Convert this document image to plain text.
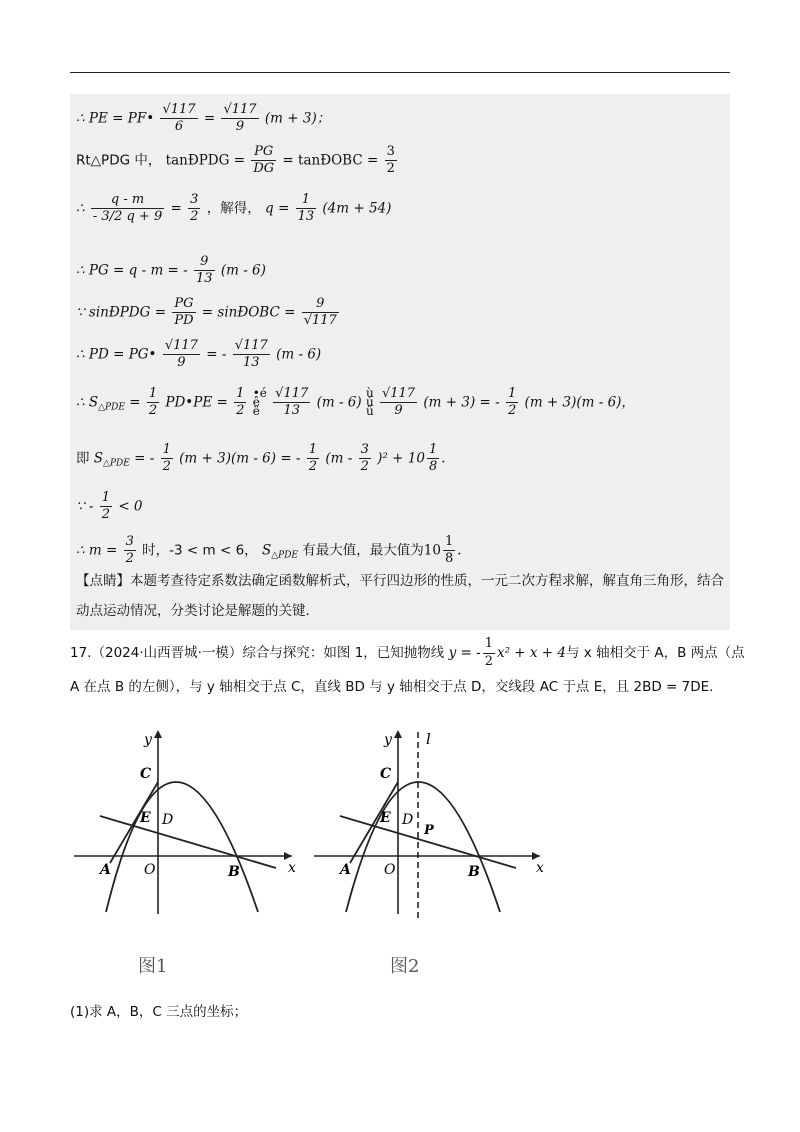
∴ PE = PF• $\frac{√117}{6} = \frac{√117}{9} (m + 3)$；
Rt△PDG 中， tanÐPDG = $\frac{PG}{DG}$ = tanÐOBC = $\frac{3}{2}$
∴ $\frac{q - m}{- 3/2 q + 9} = \frac{3}{2}$ ，解得， $q = \frac{1}{13} (4m + 54)$
∴ PG = q - m = - $\frac{9}{13} (m - 6)$
∵ sinÐPDG = $\frac{PG}{PD}$ = sinÐOBC = $\frac{9}{√117}$
∴ PD = PG• $\frac{√117}{9}$ = - $\frac{√117}{13} (m - 6)$
∴ $S_{\triangle PDE} = \frac{1}{2}$ PD•PE = $\frac{1}{2}$ •é
ê
ë $\frac{√117}{13} (m - 6)$ ù
ú
û $\frac{√117}{9} (m + 3)$ = - $\frac{1}{2} (m + 3)(m - 6)$，
即 $S_{\triangle PDE}$ = - $\frac{1}{2} (m + 3)(m - 6)$ = - $\frac{1}{2} (m - \frac{3}{2} )^2 + 10 \frac{1}{8}$ .
∵ - $\frac{1}{2} < 0$
∴ $m = \frac{3}{2}$ 时，-3 < m < 6， $S_{\triangle PDE}$ 有最大值，最大值为$10 \frac{1}{8}$ .
【点睛】本题考查待定系数法确定函数解析式，平行四边形的性质，一元二次方程求解，解直角三角形，结合动点运动情况，分类讨论是解题的关键.
17.（2024·山西晋城·一模）综合与探究：如图 1，已知抛物线 y = - $\frac{1}{2} x^2 + x + 4$与 x 轴相交于 A，B 两点（点
A 在点 B 的左侧），与 y 轴相交于点 C，直线 BD 与 y 轴相交于点 D，交线段 AC 于点 E，且 2BD = 7DE.
y
x
C
E D
A O	B
图1
y l
x
C
E D
P
A O	B
图2
(1)求 A，B，C 三点的坐标；
